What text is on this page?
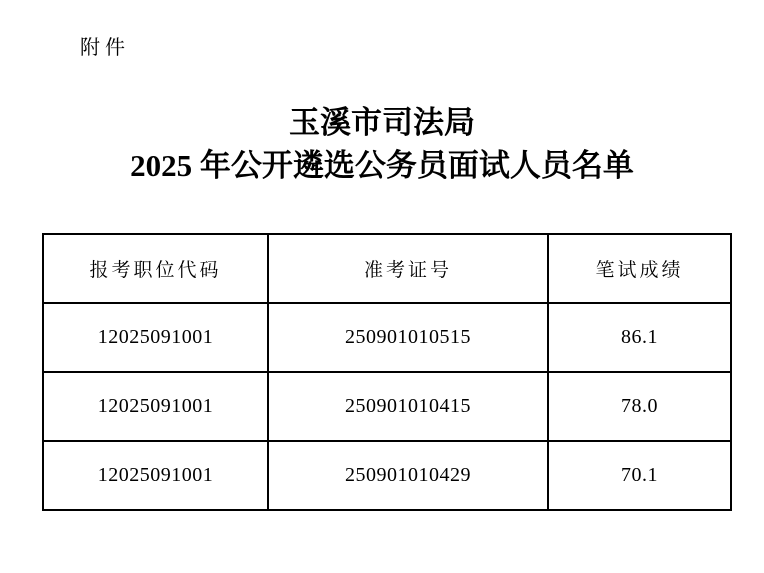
附件
玉溪市司法局
2025 年公开遴选公务员面试人员名单
报考职位代码	准考证号	笔试成绩
12025091001	250901010515	86.1
12025091001	250901010415	78.0
12025091001	250901010429	70.1
